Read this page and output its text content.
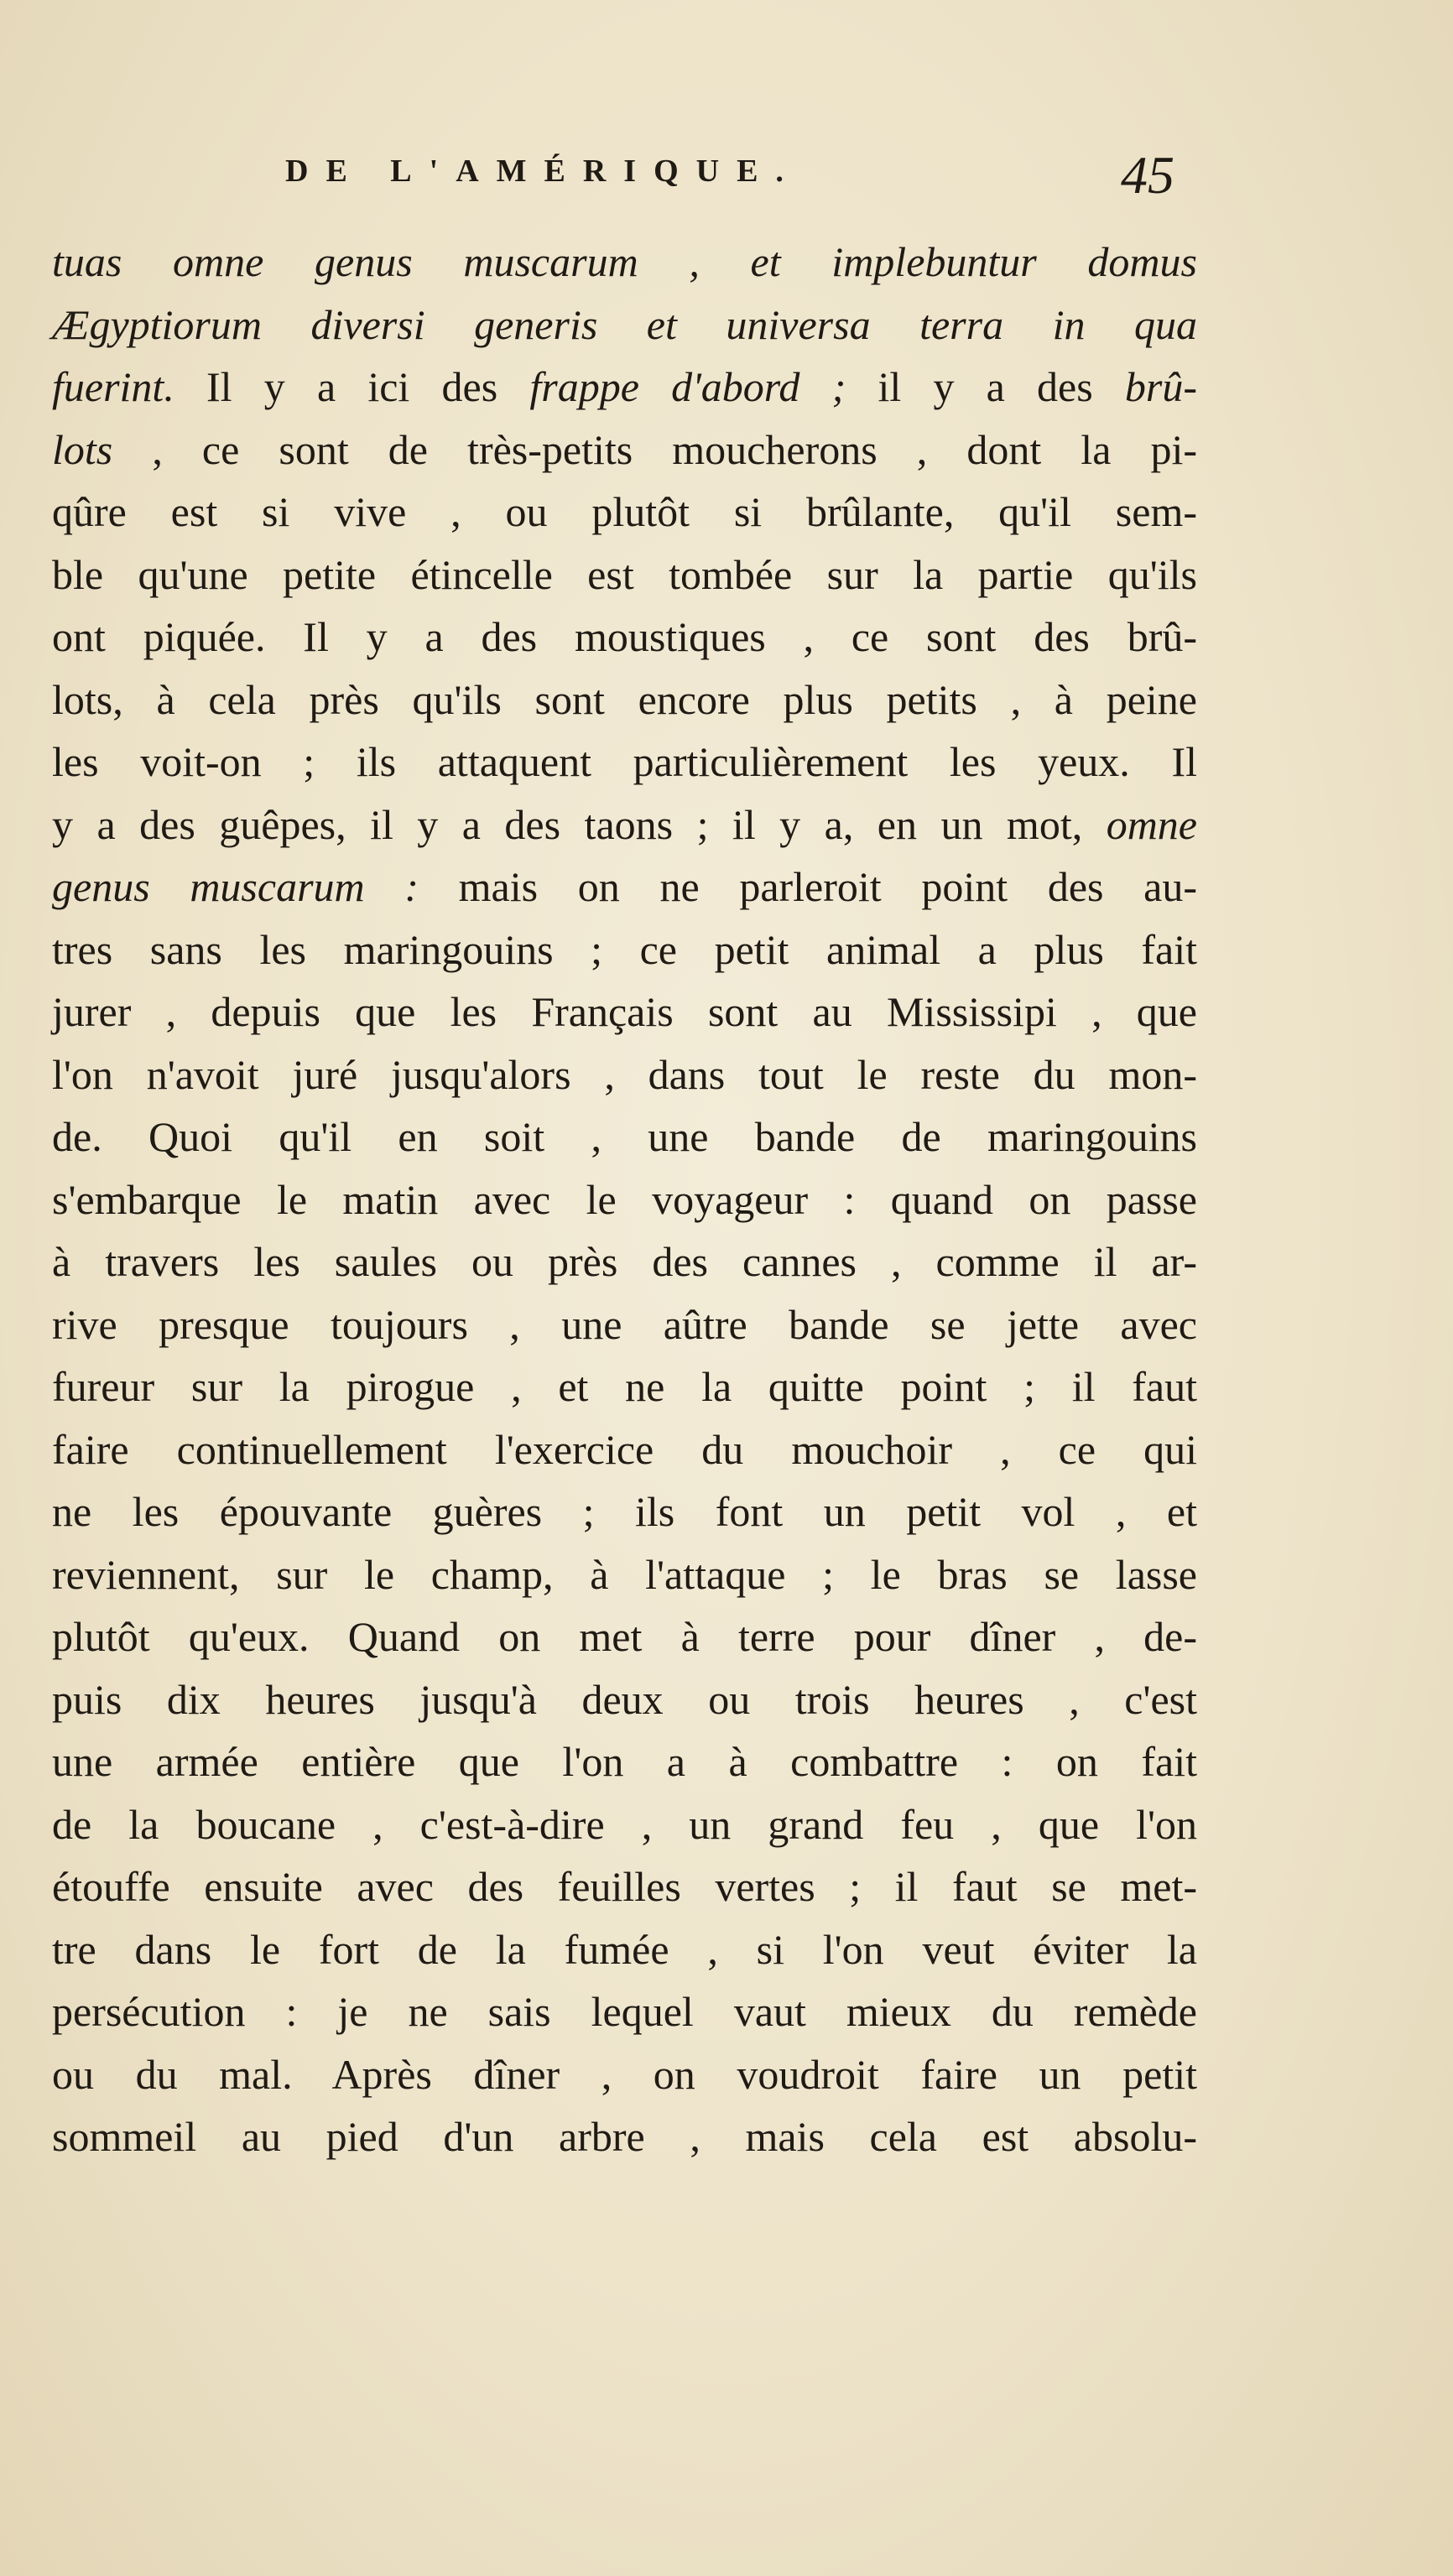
DE L'AMÉRIQUE.	45
tuas omne genus muscarum , et implebuntur domus
Ægyptiorum diversi generis et universa terra in qua
fuerint. Il y a ici des frappe d'abord ; il y a des brû-
lots , ce sont de très-petits moucherons , dont la pi-
qûre est si vive , ou plutôt si brûlante, qu'il sem-
ble qu'une petite étincelle est tombée sur la partie qu'ils
ont piquée. Il y a des moustiques , ce sont des brû-
lots, à cela près qu'ils sont encore plus petits , à peine
les voit-on ; ils attaquent particulièrement les yeux. Il
y a des guêpes, il y a des taons ; il y a, en un mot, omne
genus muscarum : mais on ne parleroit point des au-
tres sans les maringouins ; ce petit animal a plus fait
jurer , depuis que les Français sont au Mississipi , que
l'on n'avoit juré jusqu'alors , dans tout le reste du mon-
de. Quoi qu'il en soit , une bande de maringouins
s'embarque le matin avec le voyageur : quand on passe
à travers les saules ou près des cannes , comme il ar-
rive presque toujours , une aûtre bande se jette avec
fureur sur la pirogue , et ne la quitte point ; il faut
faire continuellement l'exercice du mouchoir , ce qui
ne les épouvante guères ; ils font un petit vol , et
reviennent, sur le champ, à l'attaque ; le bras se lasse
plutôt qu'eux. Quand on met à terre pour dîner , de-
puis dix heures jusqu'à deux ou trois heures , c'est
une armée entière que l'on a à combattre : on fait
de la boucane , c'est-à-dire , un grand feu , que l'on
étouffe ensuite avec des feuilles vertes ; il faut se met-
tre dans le fort de la fumée , si l'on veut éviter la
persécution : je ne sais lequel vaut mieux du remède
ou du mal. Après dîner , on voudroit faire un petit
sommeil au pied d'un arbre , mais cela est absolu-
